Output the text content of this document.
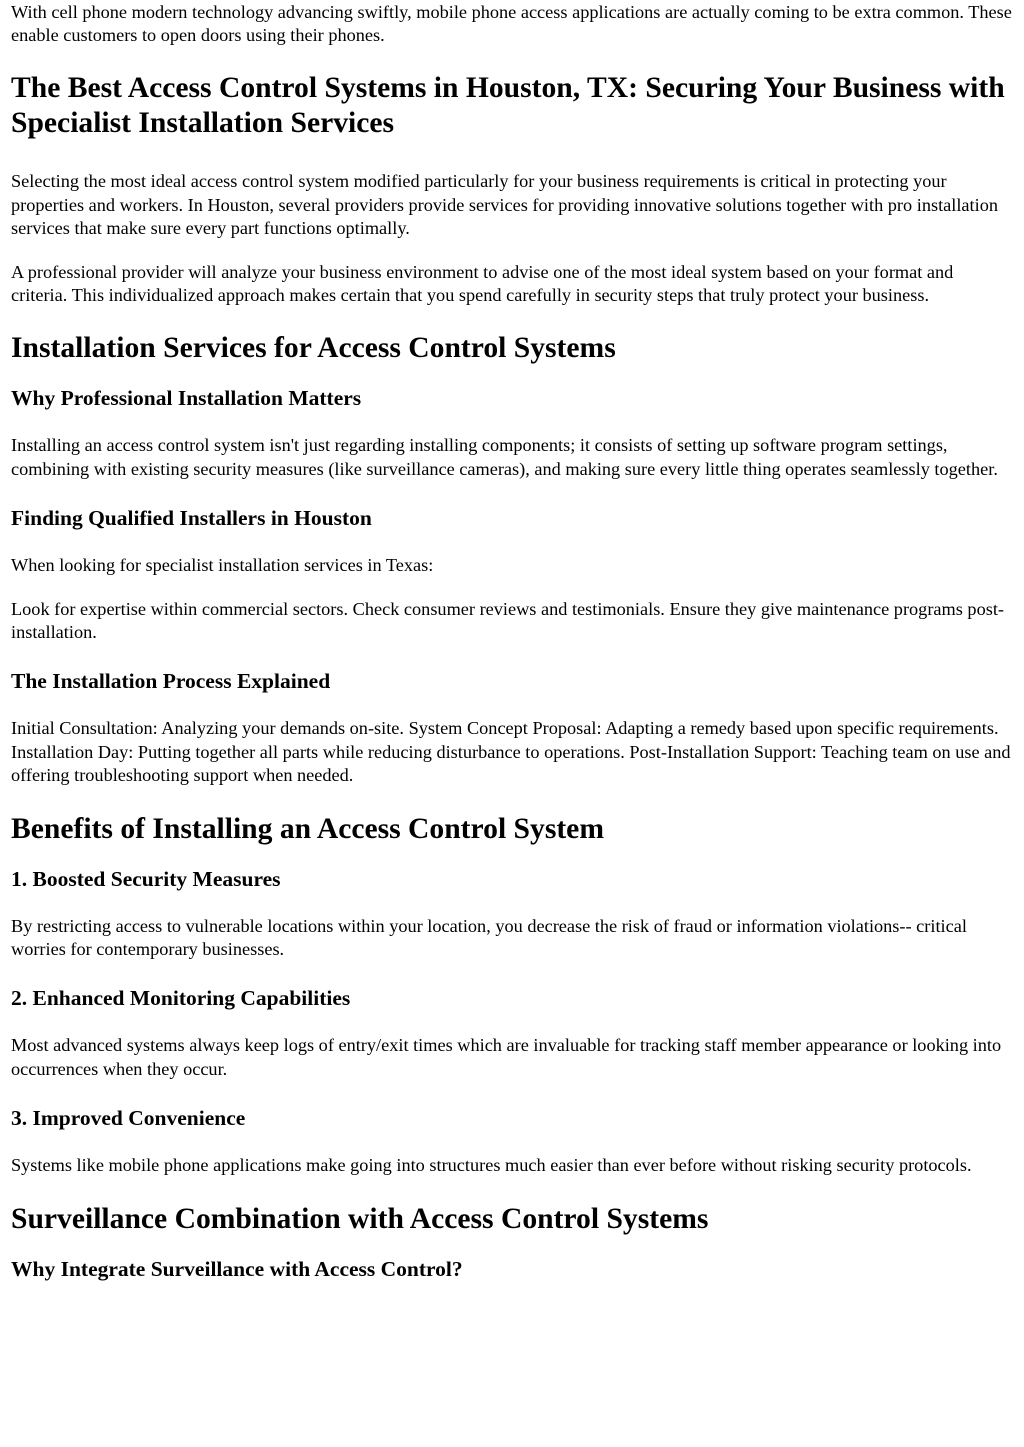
With cell phone modern technology advancing swiftly, mobile phone access applications are actually coming to be extra common. These enable customers to open doors using their phones.

The Best Access Control Systems in Houston, TX: Securing Your Business with Specialist Installation Services

Selecting the most ideal access control system modified particularly for your business requirements is critical in protecting your properties and workers. In Houston, several providers provide services for providing innovative solutions together with pro installation services that make sure every part functions optimally.

A professional provider will analyze your business environment to advise one of the most ideal system based on your format and criteria. This individualized approach makes certain that you spend carefully in security steps that truly protect your business.

Installation Services for Access Control Systems
Why Professional Installation Matters

Installing an access control system isn't just regarding installing components; it consists of setting up software program settings, combining with existing security measures (like surveillance cameras), and making sure every little thing operates seamlessly together.

Finding Qualified Installers in Houston

When looking for specialist installation services in Texas:

Look for expertise within commercial sectors. Check consumer reviews and testimonials. Ensure they give maintenance programs post-installation.

The Installation Process Explained

Initial Consultation: Analyzing your demands on-site. System Concept Proposal: Adapting a remedy based upon specific requirements. Installation Day: Putting together all parts while reducing disturbance to operations. Post-Installation Support: Teaching team on use and offering troubleshooting support when needed.

Benefits of Installing an Access Control System
1. Boosted Security Measures

By restricting access to vulnerable locations within your location, you decrease the risk of fraud or information violations-- critical worries for contemporary businesses.

2. Enhanced Monitoring Capabilities

Most advanced systems always keep logs of entry/exit times which are invaluable for tracking staff member appearance or looking into occurrences when they occur.

3. Improved Convenience

Systems like mobile phone applications make going into structures much easier than ever before without risking security protocols.

Surveillance Combination with Access Control Systems
Why Integrate Surveillance with Access Control?
